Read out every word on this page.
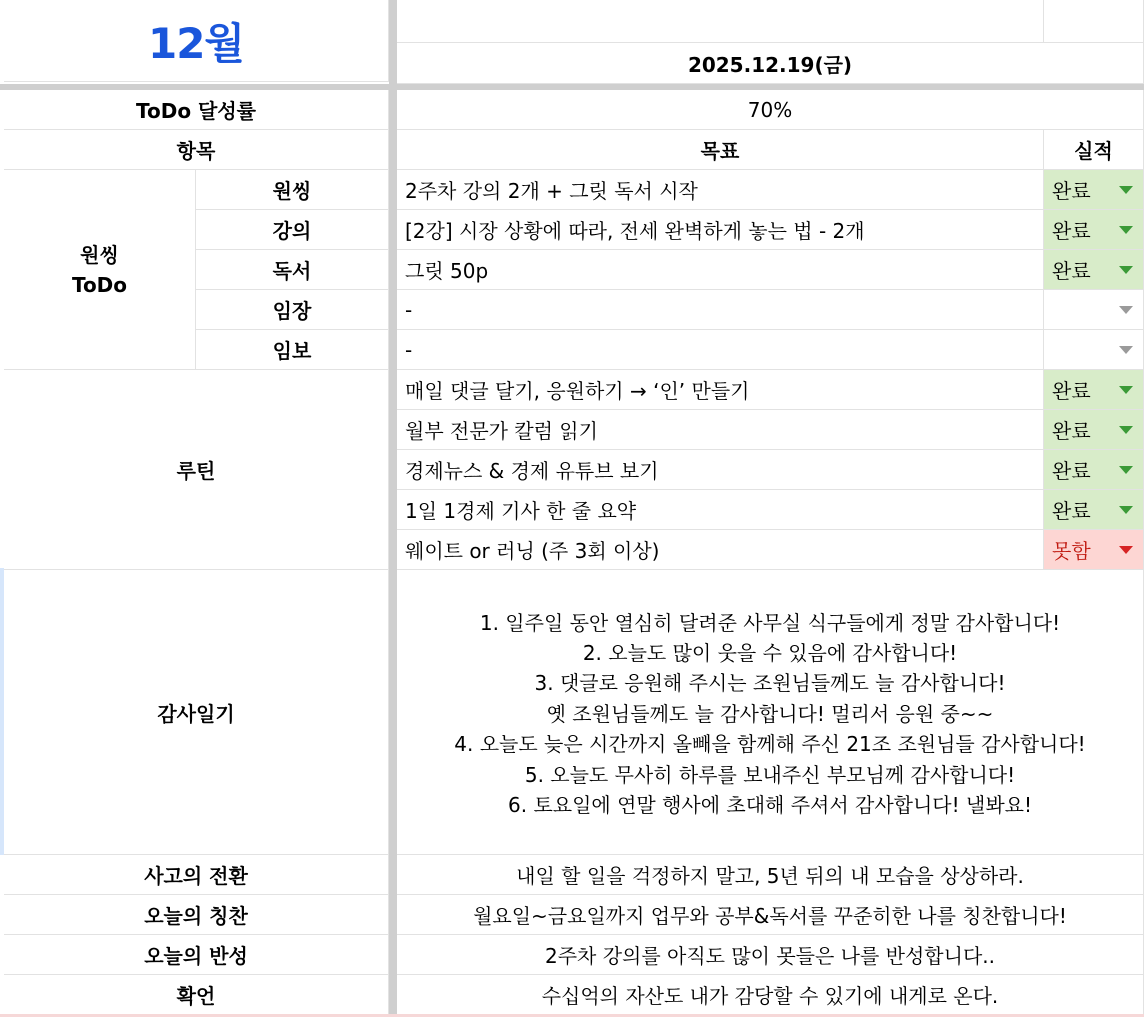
12월	2025.12.19(금)
ToDo 달성률	70%
항목	목표	실적
원씽
ToDo
원씽	2주차 강의 2개 + 그릿 독서 시작	완료
강의	[2강] 시장 상황에 따라, 전세 완벽하게 놓는 법 - 2개	완료
독서	그릿 50p	완료
임장	-
임보	-
루틴
매일 댓글 달기, 응원하기 → ‘인’ 만들기	완료
월부 전문가 칼럼 읽기	완료
경제뉴스 & 경제 유튜브 보기	완료
1일 1경제 기사 한 줄 요약	완료
웨이트 or 러닝 (주 3회 이상)	못함
감사일기
1. 일주일 동안 열심히 달려준 사무실 식구들에게 정말 감사합니다!
2. 오늘도 많이 웃을 수 있음에 감사합니다!
3. 댓글로 응원해 주시는 조원님들께도 늘 감사합니다!
옛 조원님들께도 늘 감사합니다! 멀리서 응원 중~~
4. 오늘도 늦은 시간까지 올빼을 함께해 주신 21조 조원님들 감사합니다!
5. 오늘도 무사히 하루를 보내주신 부모님께 감사합니다!
6. 토요일에 연말 행사에 초대해 주셔서 감사합니다! 낼봐요!
사고의 전환	내일 할 일을 걱정하지 말고, 5년 뒤의 내 모습을 상상하라.
오늘의 칭찬	월요일~금요일까지 업무와 공부&독서를 꾸준히한 나를 칭찬합니다!
오늘의 반성	2주차 강의를 아직도 많이 못들은 나를 반성합니다..
확언	수십억의 자산도 내가 감당할 수 있기에 내게로 온다.
